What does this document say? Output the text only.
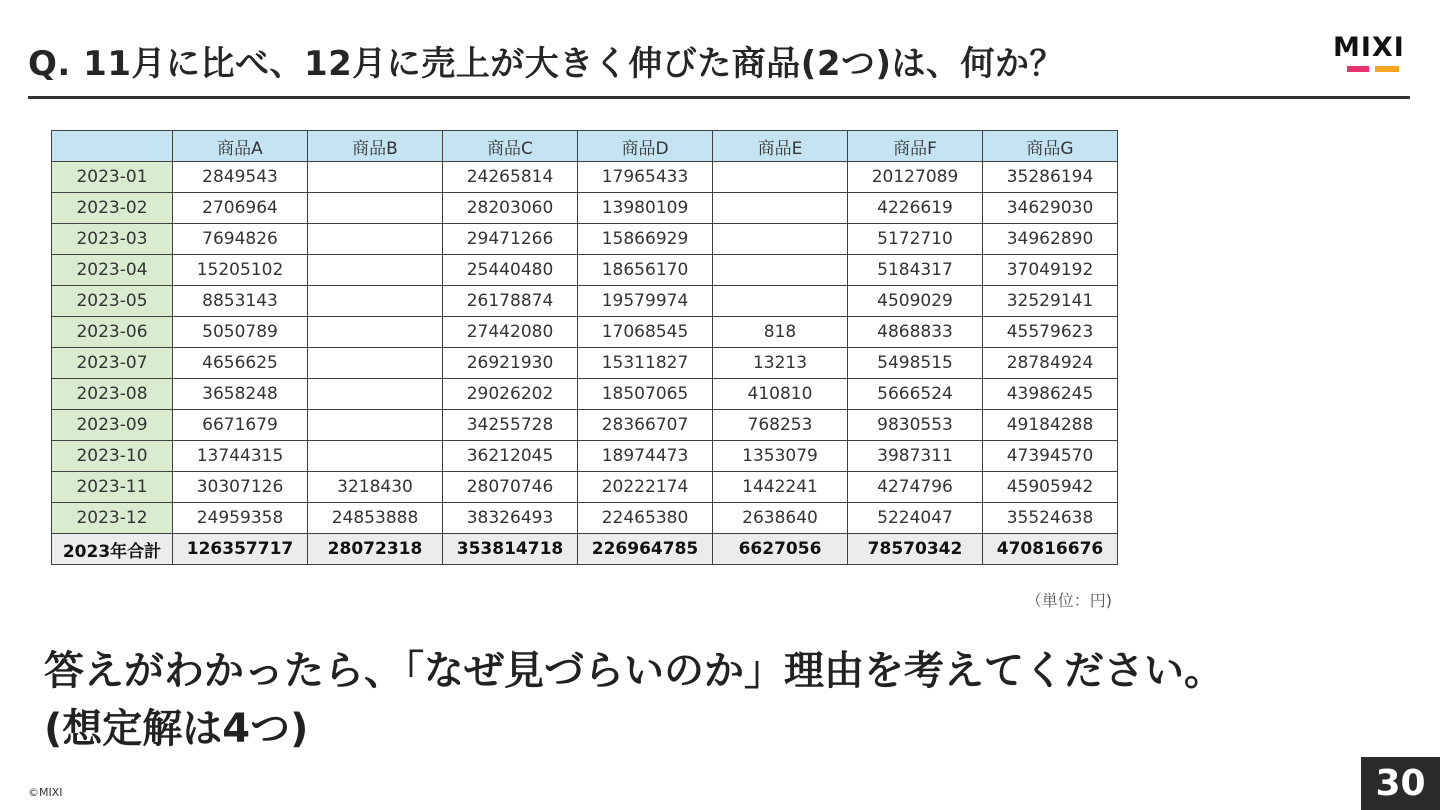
Q. 11月に比べ、12月に売上が大きく伸びた商品(2つ)は、何か？	MIXI
	商品A	商品B	商品C	商品D	商品E	商品F	商品G
2023-01	2849543		24265814	17965433		20127089	35286194
2023-02	2706964		28203060	13980109		4226619	34629030
2023-03	7694826		29471266	15866929		5172710	34962890
2023-04	15205102		25440480	18656170		5184317	37049192
2023-05	8853143		26178874	19579974		4509029	32529141
2023-06	5050789		27442080	17068545	818	4868833	45579623
2023-07	4656625		26921930	15311827	13213	5498515	28784924
2023-08	3658248		29026202	18507065	410810	5666524	43986245
2023-09	6671679		34255728	28366707	768253	9830553	49184288
2023-10	13744315		36212045	18974473	1353079	3987311	47394570
2023-11	30307126	3218430	28070746	20222174	1442241	4274796	45905942
2023-12	24959358	24853888	38326493	22465380	2638640	5224047	35524638
2023年合計	126357717	28072318	353814718	226964785	6627056	78570342	470816676
（単位：円)
答えがわかったら、「なぜ見づらいのか」理由を考えてください。
(想定解は4つ)
©MIXI	30
